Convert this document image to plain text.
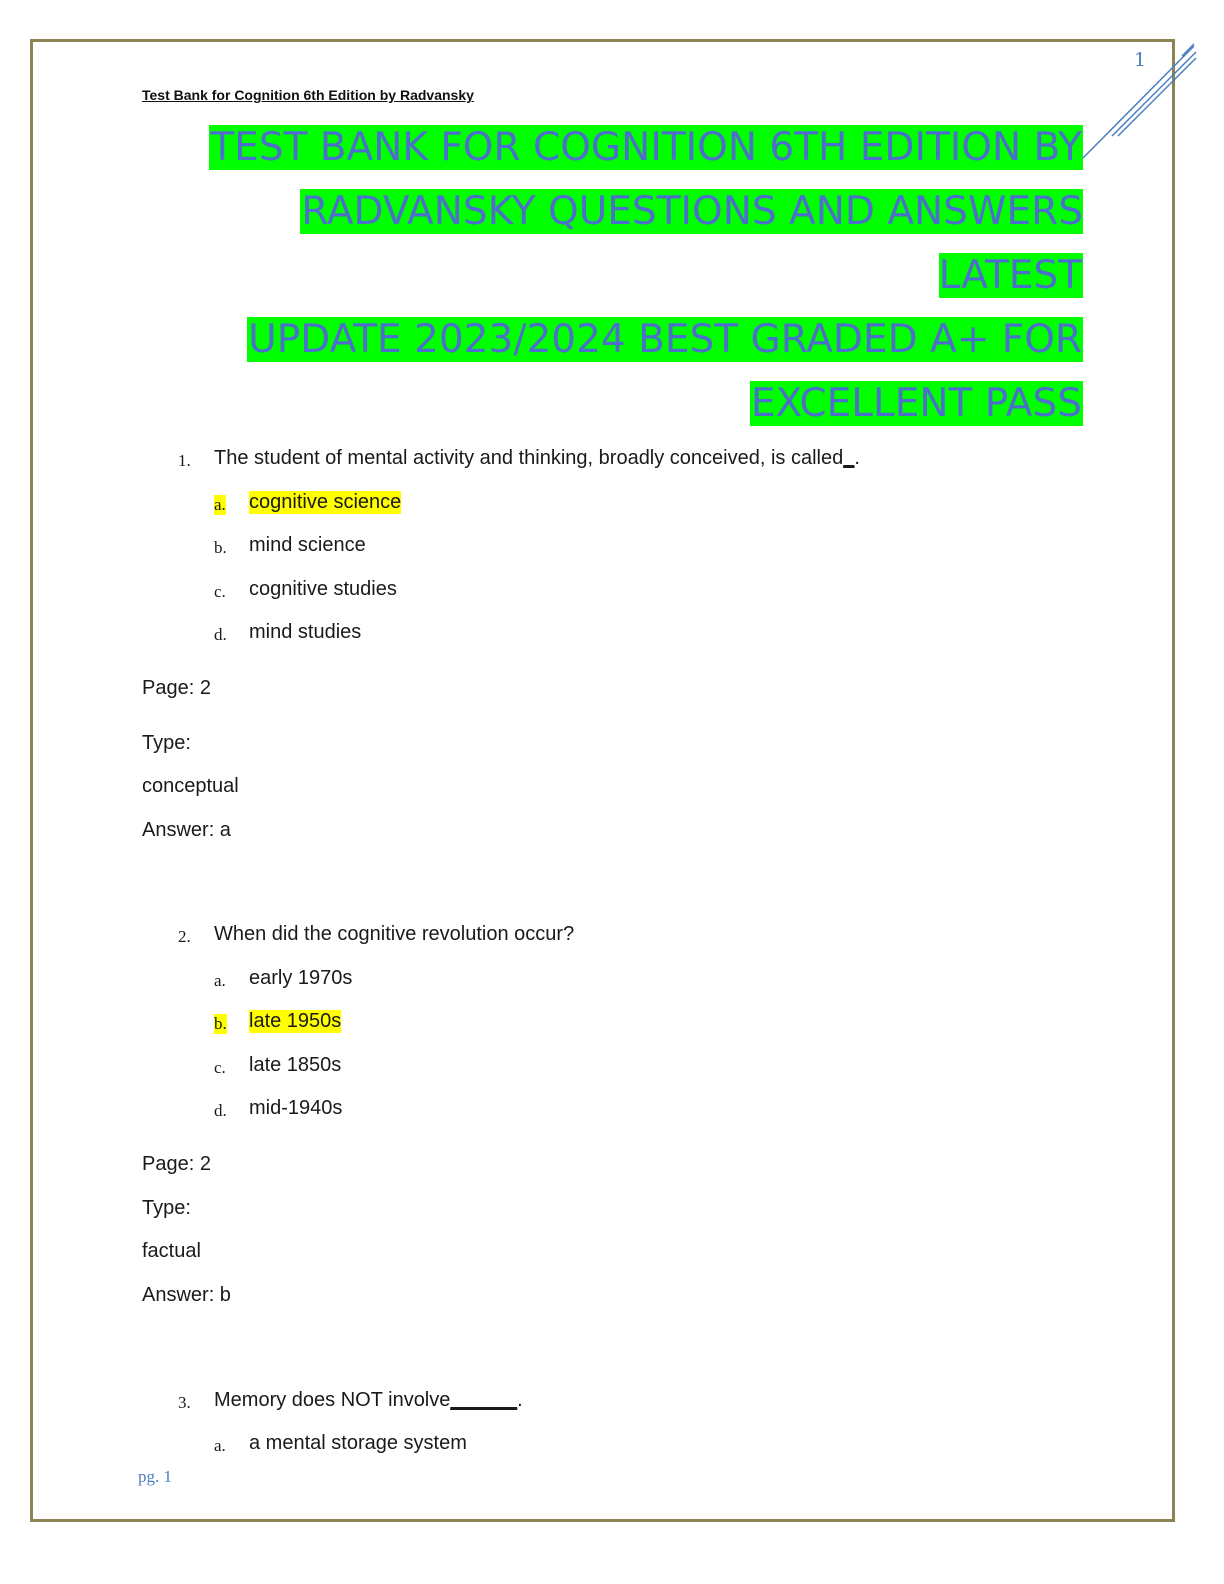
1
Test Bank for Cognition 6th Edition by Radvansky
TEST BANK FOR COGNITION 6TH EDITION BY
RADVANSKY QUESTIONS AND ANSWERS LATEST
UPDATE 2023/2024 BEST GRADED A+ FOR
EXCELLENT PASS
1. The student of mental activity and thinking, broadly conceived, is called_.
a. cognitive science
b. mind science
c. cognitive studies
d. mind studies
Page: 2
Type:
conceptual
Answer: a
2. When did the cognitive revolution occur?
a. early 1970s
b. late 1950s
c. late 1850s
d. mid-1940s
Page: 2
Type:
factual
Answer: b
3. Memory does NOT involve______.
a. a mental storage system
pg. 1
